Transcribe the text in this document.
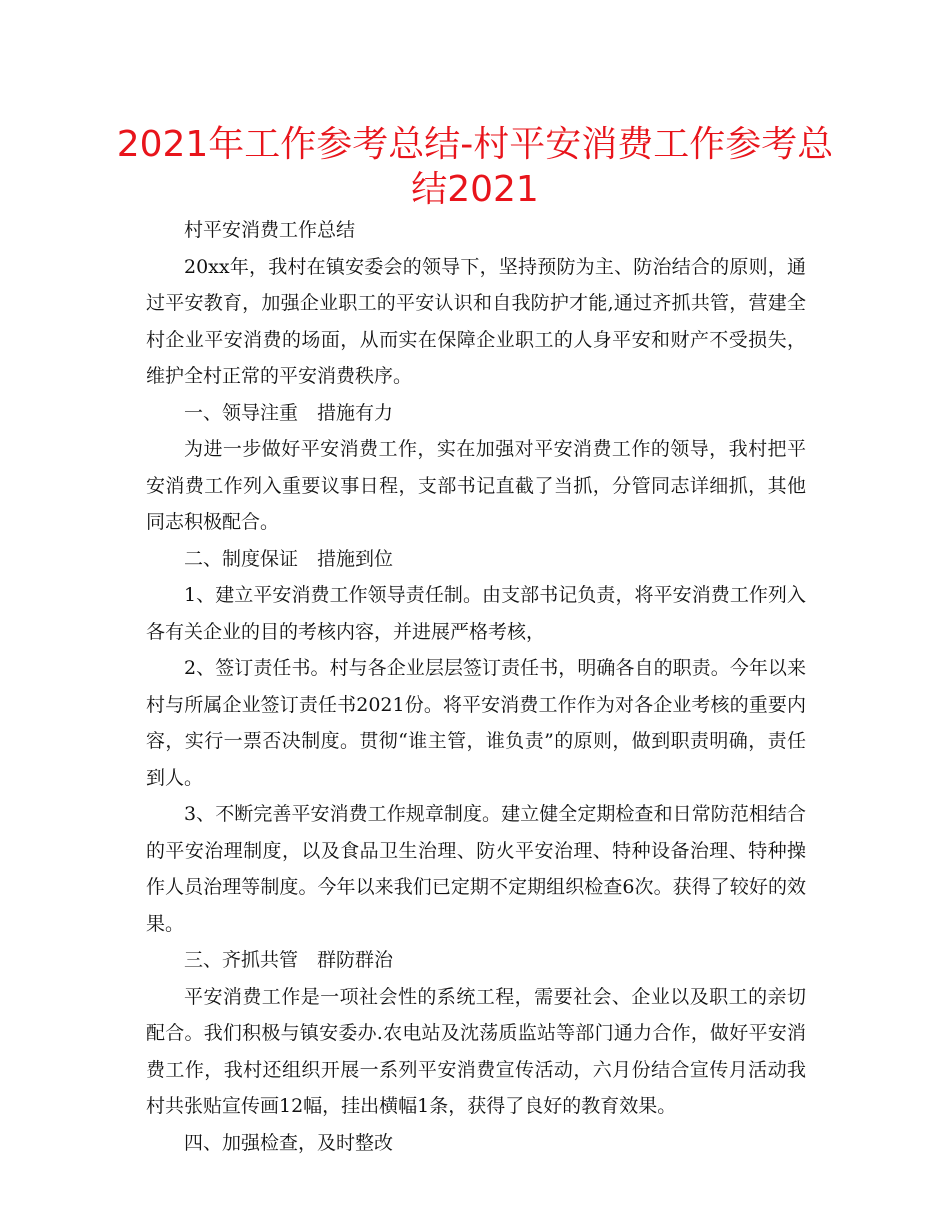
2021年工作参考总结-村平安消费工作参考总结2021

村平安消费工作总结

20xx年，我村在镇安委会的领导下，坚持预防为主、防治结合的原则，通过平安教育，加强企业职工的平安认识和自我防护才能,通过齐抓共管，营建全村企业平安消费的场面，从而实在保障企业职工的人身平安和财产不受损失，维护全村正常的平安消费秩序。

一、领导注重　措施有力

为进一步做好平安消费工作，实在加强对平安消费工作的领导，我村把平安消费工作列入重要议事日程，支部书记直截了当抓，分管同志详细抓，其他同志积极配合。

二、制度保证　措施到位

1、建立平安消费工作领导责任制。由支部书记负责，将平安消费工作列入各有关企业的目的考核内容，并进展严格考核，

2、签订责任书。村与各企业层层签订责任书，明确各自的职责。今年以来村与所属企业签订责任书2021份。将平安消费工作作为对各企业考核的重要内容，实行一票否决制度。贯彻“谁主管，谁负责”的原则，做到职责明确，责任到人。

3、不断完善平安消费工作规章制度。建立健全定期检查和日常防范相结合的平安治理制度，以及食品卫生治理、防火平安治理、特种设备治理、特种操作人员治理等制度。今年以来我们已定期不定期组织检查6次。获得了较好的效果。

三、齐抓共管　群防群治

平安消费工作是一项社会性的系统工程，需要社会、企业以及职工的亲切配合。我们积极与镇安委办.农电站及沈荡质监站等部门通力合作，做好平安消费工作，我村还组织开展一系列平安消费宣传活动，六月份结合宣传月活动我村共张贴宣传画12幅，挂出横幅1条，获得了良好的教育效果。

四、加强检查，及时整改
